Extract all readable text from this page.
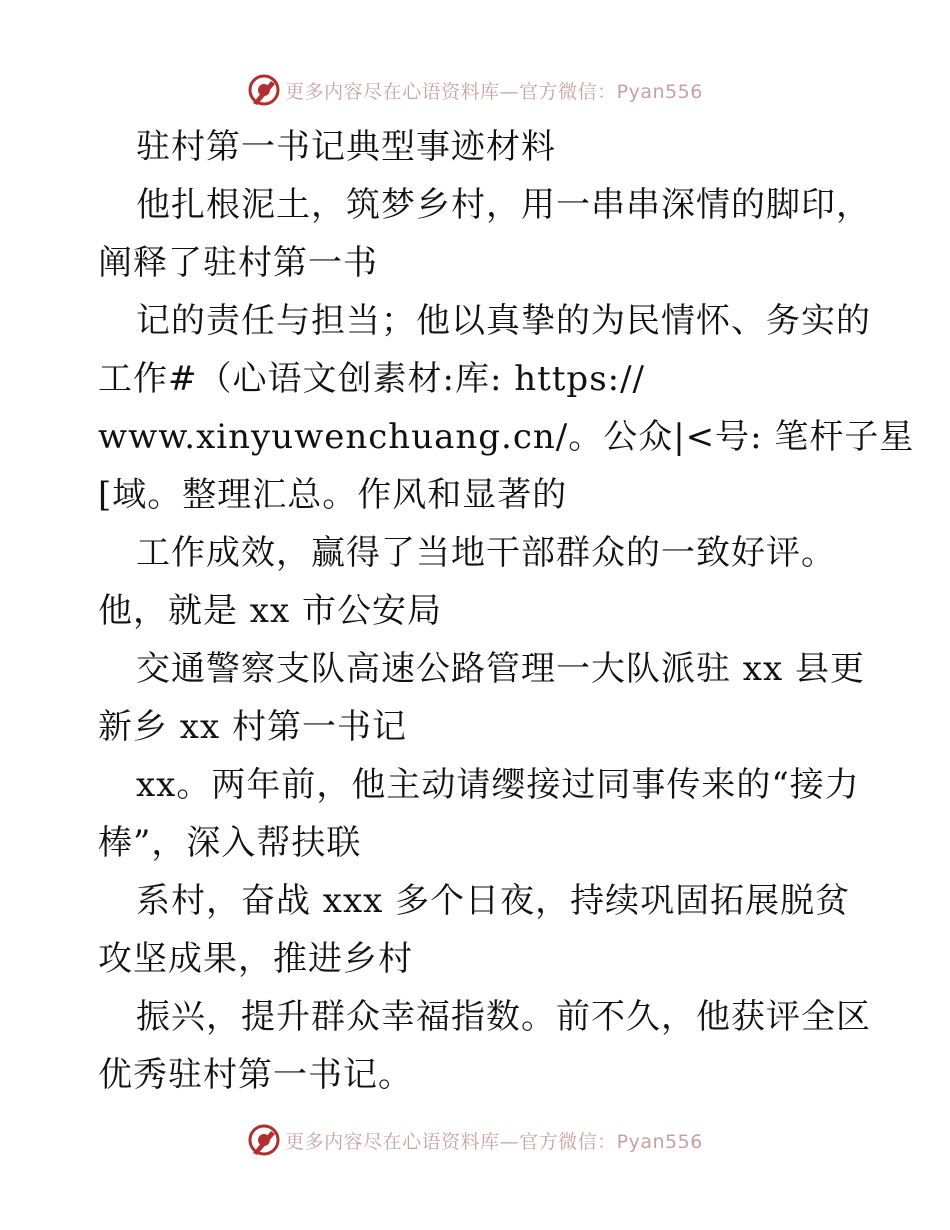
更多内容尽在心语资料库—官方微信：Pyan556
驻村第一书记典型事迹材料
他扎根泥土，筑梦乡村，用一串串深情的脚印，
阐释了驻村第一书
记的责任与担当；他以真挚的为民情怀、务实的
工作#（心语文创素材:库: https://
www.xinyuwenchuang.cn/。公众|<号: 笔杆子星
[域。整理汇总。作风和显著的
工作成效，赢得了当地干部群众的一致好评。
他，就是 xx 市公安局
交通警察支队高速公路管理一大队派驻 xx 县更
新乡 xx 村第一书记
xx。两年前，他主动请缨接过同事传来的“接力
棒”，深入帮扶联
系村，奋战 xxx 多个日夜，持续巩固拓展脱贫
攻坚成果，推进乡村
振兴，提升群众幸福指数。前不久，他获评全区
优秀驻村第一书记。
更多内容尽在心语资料库—官方微信：Pyan556
